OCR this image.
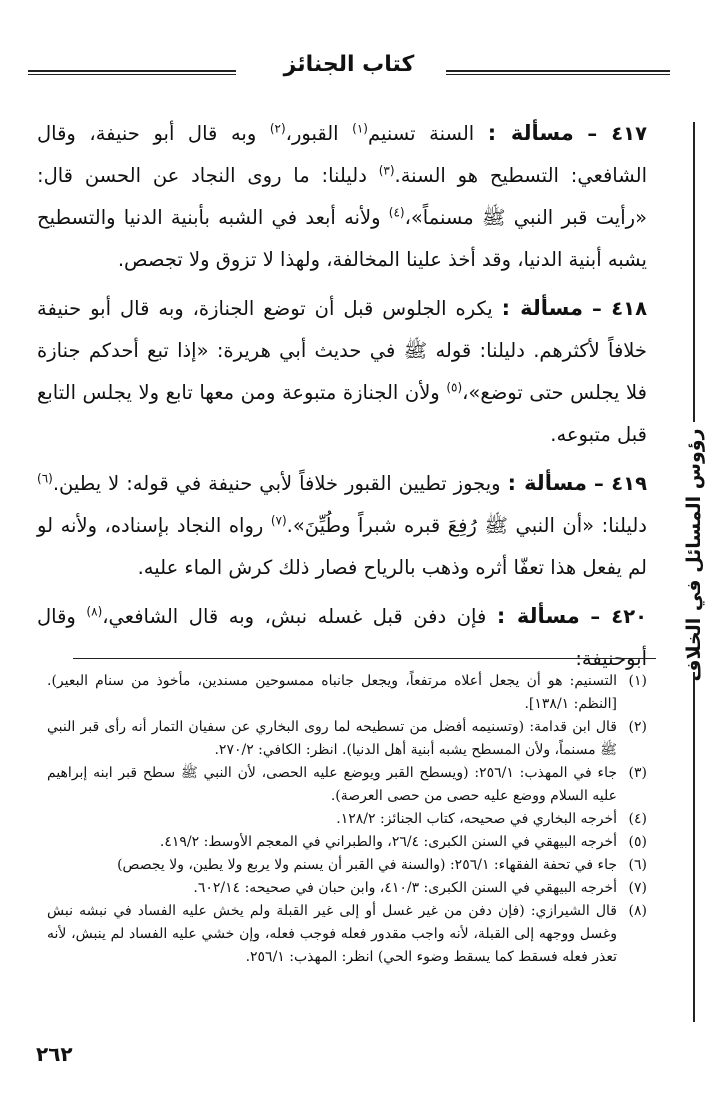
كتاب الجنائز
رؤوس المسائل في الخلاف

٤١٧ – مسألة : السنة تسنيم$^{(١)}$ القبور،$^{(٢)}$ وبه قال أبو حنيفة، وقال الشافعي: التسطيح هو السنة.$^{(٣)}$ دليلنا: ما روى النجاد عن الحسن قال: «رأيت قبر النبي ﷺ مسنماً»،$^{(٤)}$ ولأنه أبعد في الشبه بأبنية الدنيا والتسطيح يشبه أبنية الدنيا، وقد أخذ علينا المخالفة، ولهذا لا تزوق ولا تجصص.

٤١٨ – مسألة : يكره الجلوس قبل أن توضع الجنازة، وبه قال أبو حنيفة خلافاً لأكثرهم. دليلنا: قوله ﷺ في حديث أبي هريرة: «إذا تبع أحدكم جنازة فلا يجلس حتى توضع»،$^{(٥)}$ ولأن الجنازة متبوعة ومن معها تابع ولا يجلس التابع قبل متبوعه.

٤١٩ – مسألة : ويجوز تطيين القبور خلافاً لأبي حنيفة في قوله: لا يطين.$^{(٦)}$ دليلنا: «أن النبي ﷺ رُفِعَ قبره شبراً وطُيِّنَ».$^{(٧)}$ رواه النجاد بإسناده، ولأنه لو لم يفعل هذا تعفّا أثره وذهب بالرياح فصار ذلك كرش الماء عليه.

٤٢٠ – مسألة : فإن دفن قبل غسله نبش، وبه قال الشافعي،$^{(٨)}$ وقال أبوحنيفة:

(١)
التسنيم: هو أن يجعل أعلاه مرتفعاً، ويجعل جانباه ممسوحين مسندين، مأخوذ من سنام البعير). [النظم: ١٣٨/١].
(٢)
قال ابن قدامة: (وتسنيمه أفضل من تسطيحه لما روى البخاري عن سفيان التمار أنه رأى قبر النبي ﷺ مسنماً، ولأن المسطح يشبه أبنية أهل الدنيا). انظر: الكافي: ٢٧٠/٢.
(٣)
جاء في المهذب: ٢٥٦/١: (ويسطح القبر ويوضع عليه الحصى، لأن النبي ﷺ سطح قبر ابنه إبراهيم عليه السلام ووضع عليه حصى من حصى العرصة).
(٤)
أخرجه البخاري في صحيحه، كتاب الجنائز: ١٢٨/٢.
(٥)
أخرجه البيهقي في السنن الكبرى: ٢٦/٤، والطبراني في المعجم الأوسط: ٤١٩/٢.
(٦)
جاء في تحفة الفقهاء: ٢٥٦/١: (والسنة في القبر أن يسنم ولا يربع ولا يطين، ولا يجصص)
(٧)
أخرجه البيهقي في السنن الكبرى: ٤١٠/٣، وابن حبان في صحيحه: ٦٠٢/١٤.
(٨)
قال الشيرازي: (فإن دفن من غير غسل أو إلى غير القبلة ولم يخش عليه الفساد في نبشه نبش وغسل ووجهه إلى القبلة، لأنه واجب مقدور فعله فوجب فعله، وإن خشي عليه الفساد لم ينبش، لأنه تعذر فعله فسقط كما يسقط وضوء الحي) انظر: المهذب: ٢٥٦/١.
٢٦٢
